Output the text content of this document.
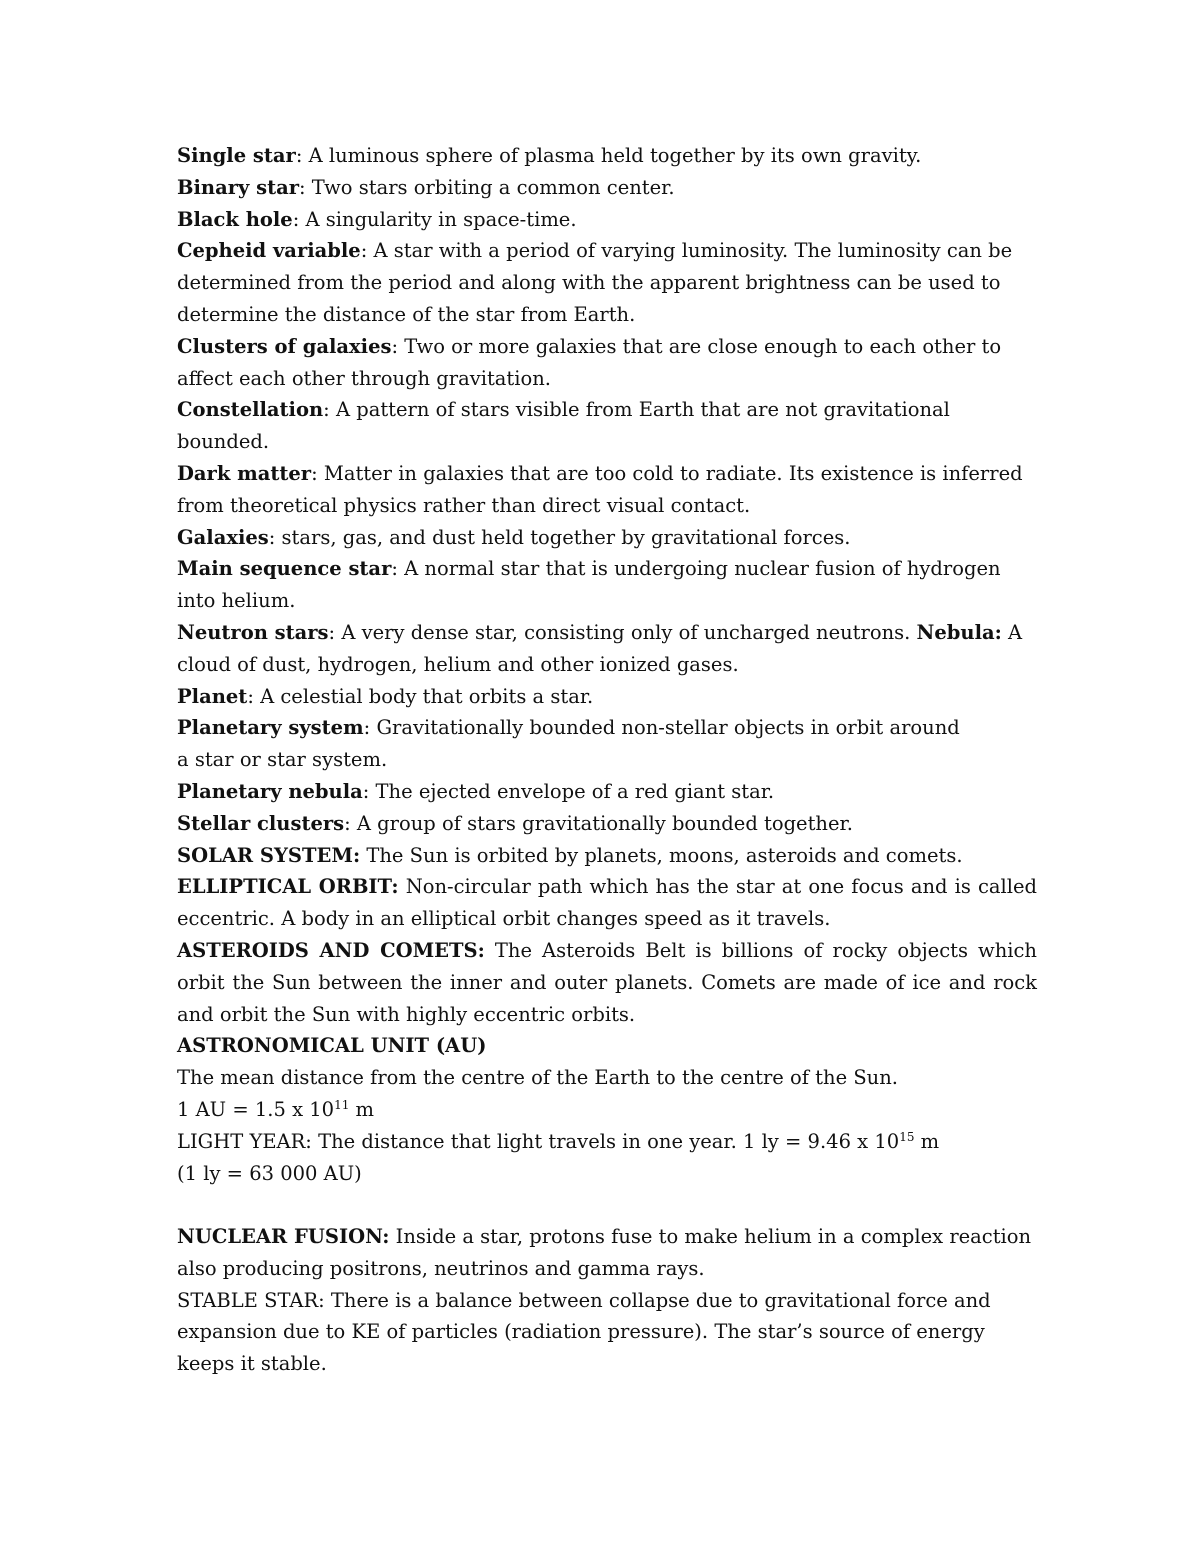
Single star: A luminous sphere of plasma held together by its own gravity.

Binary star: Two stars orbiting a common center.

Black hole: A singularity in space-time.

Cepheid variable: A star with a period of varying luminosity. The luminosity can be determined from the period and along with the apparent brightness can be used to determine the distance of the star from Earth.

Clusters of galaxies: Two or more galaxies that are close enough to each other to affect each other through gravitation.

Constellation: A pattern of stars visible from Earth that are not gravitational bounded.

Dark matter: Matter in galaxies that are too cold to radiate. Its existence is inferred from theoretical physics rather than direct visual contact.

Galaxies: stars, gas, and dust held together by gravitational forces.

Main sequence star: A normal star that is undergoing nuclear fusion of hydrogen into helium.

Neutron stars: A very dense star, consisting only of uncharged neutrons. Nebula: A cloud of dust, hydrogen, helium and other ionized gases.

Planet: A celestial body that orbits a star.

Planetary system: Gravitationally bounded non-stellar objects in orbit around
a star or star system.

Planetary nebula: The ejected envelope of a red giant star.

Stellar clusters: A group of stars gravitationally bounded together.

SOLAR SYSTEM: The Sun is orbited by planets, moons, asteroids and comets.

ELLIPTICAL ORBIT: Non-circular path which has the star at one focus and is called eccentric. A body in an elliptical orbit changes speed as it travels.

ASTEROIDS AND COMETS: The Asteroids Belt is billions of rocky objects which orbit the Sun between the inner and outer planets. Comets are made of ice and rock and orbit the Sun with highly eccentric orbits.

ASTRONOMICAL UNIT (AU)

The mean distance from the centre of the Earth to the centre of the Sun.

1 AU = 1.5 x $10^{11}$ m

LIGHT YEAR: The distance that light travels in one year. 1 ly = 9.46 x $10^{15}$ m

(1 ly = 63 000 AU)

NUCLEAR FUSION: Inside a star, protons fuse to make helium in a complex reaction also producing positrons, neutrinos and gamma rays.

STABLE STAR: There is a balance between collapse due to gravitational force and expansion due to KE of particles (radiation pressure). The star’s source of energy keeps it stable.
